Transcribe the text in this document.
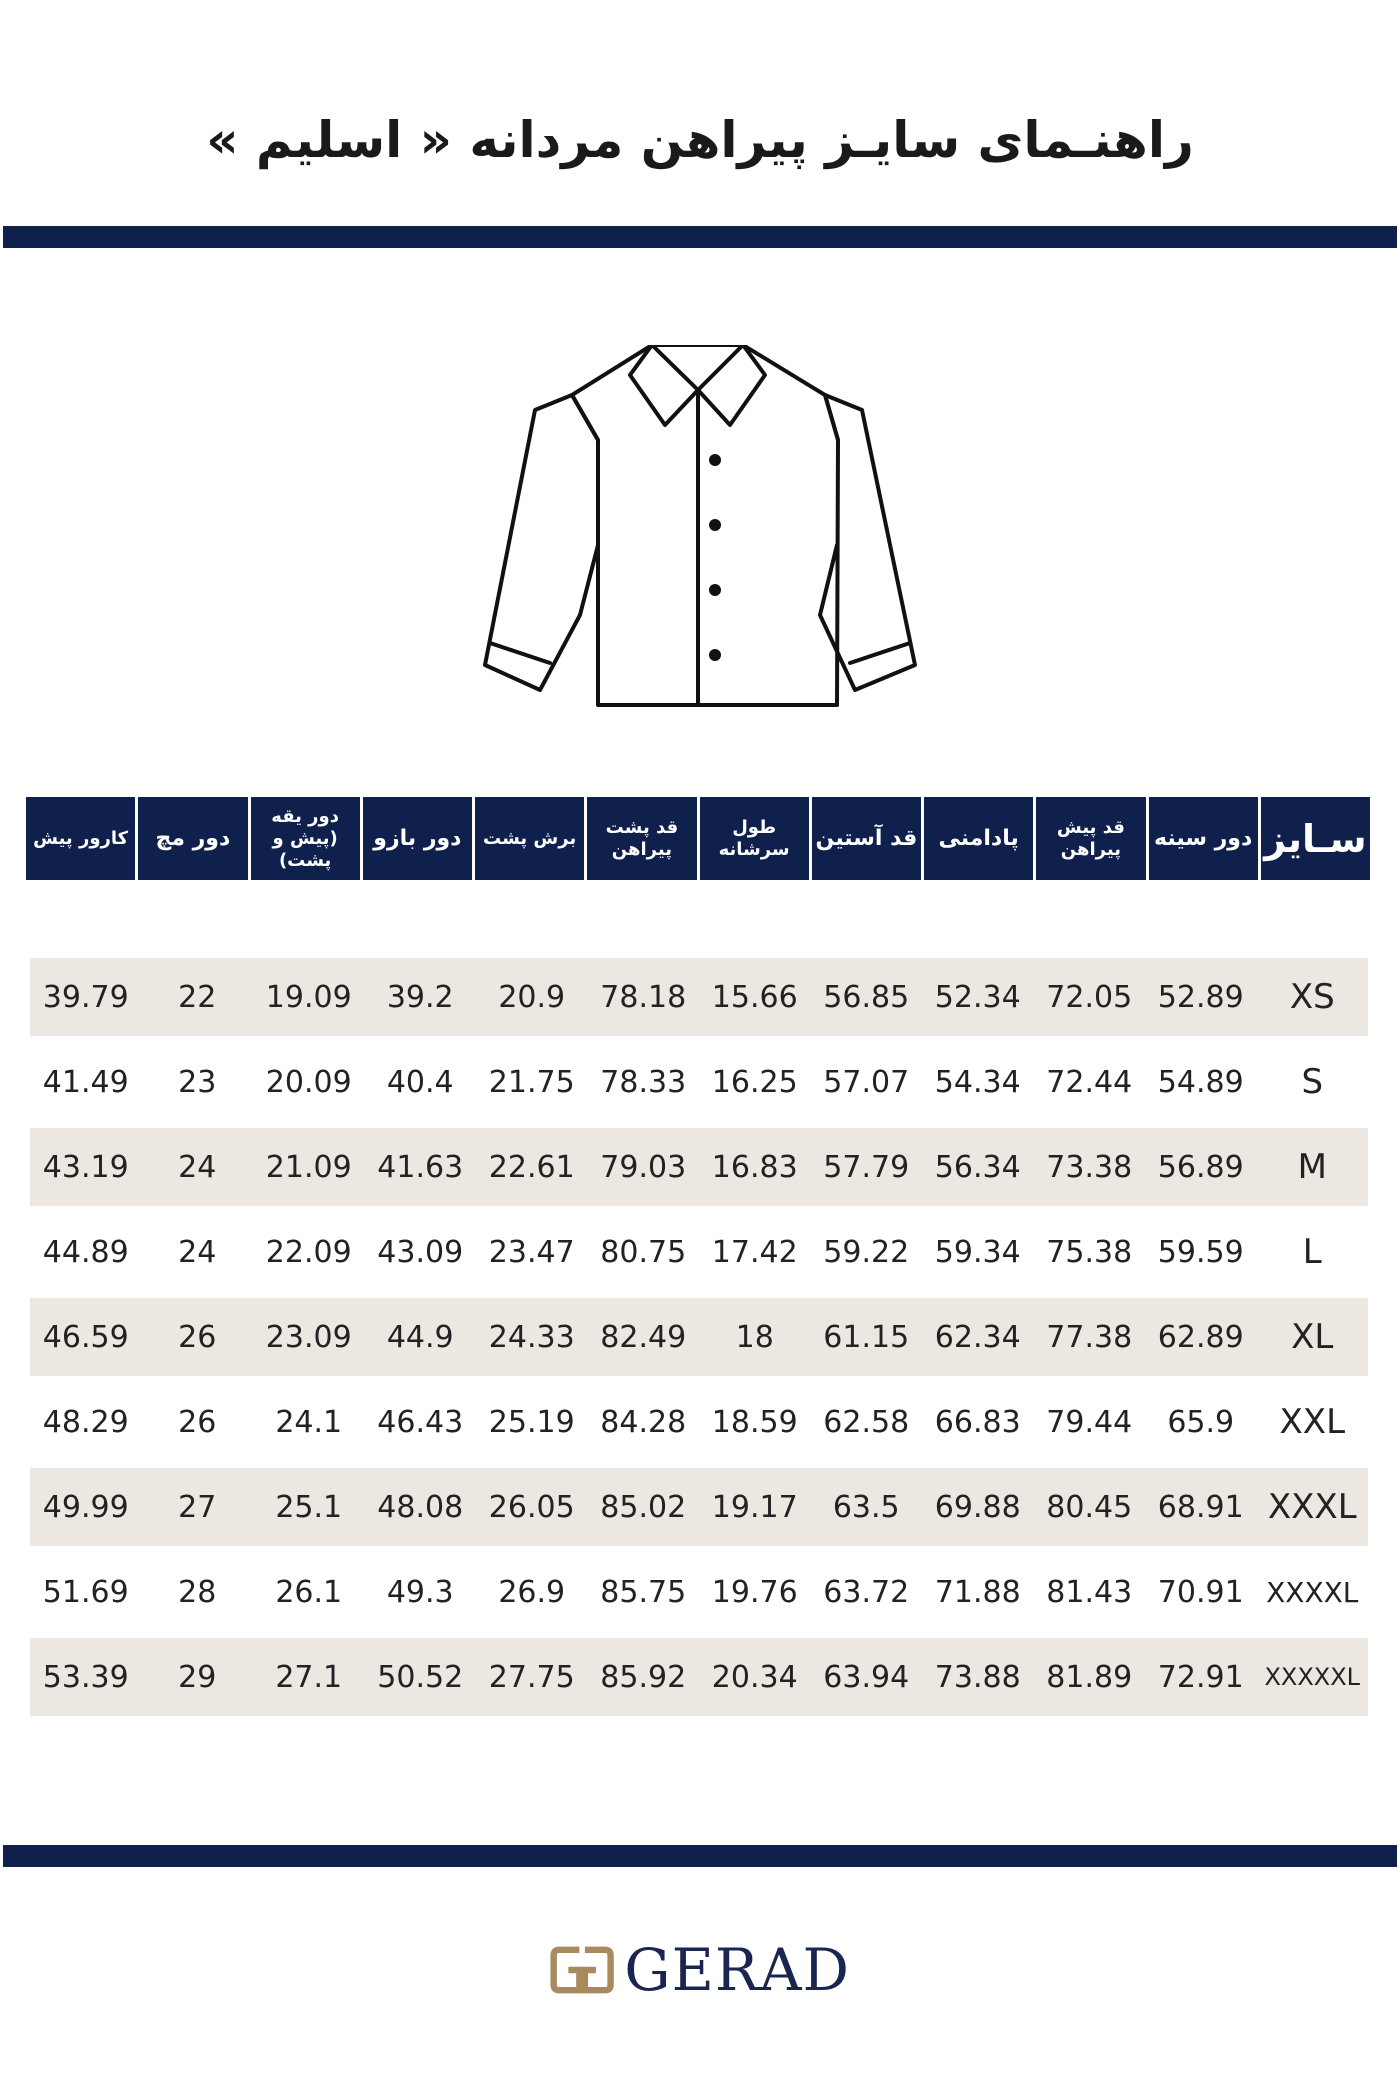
راهنـمای سایـز پیراهن مردانه « اسلیم »
سـایز
دور سینه
قد پیش
پیراهن
پادامنی
قد آستین
طول سرشانه
قد پشت
پیراهن
برش پشت
دور بازو
دور یقه
(پیش و پشت)
دور مچ
کارور پیش
XS
52.89
72.05
52.34
56.85
15.66
78.18
20.9
39.2
19.09
22
39.79
S
54.89
72.44
54.34
57.07
16.25
78.33
21.75
40.4
20.09
23
41.49
M
56.89
73.38
56.34
57.79
16.83
79.03
22.61
41.63
21.09
24
43.19
L
59.59
75.38
59.34
59.22
17.42
80.75
23.47
43.09
22.09
24
44.89
XL
62.89
77.38
62.34
61.15
18
82.49
24.33
44.9
23.09
26
46.59
XXL
65.9
79.44
66.83
62.58
18.59
84.28
25.19
46.43
24.1
26
48.29
XXXL
68.91
80.45
69.88
63.5
19.17
85.02
26.05
48.08
25.1
27
49.99
XXXXL
70.91
81.43
71.88
63.72
19.76
85.75
26.9
49.3
26.1
28
51.69
XXXXXL
72.91
81.89
73.88
63.94
20.34
85.92
27.75
50.52
27.1
29
53.39
GERAD
